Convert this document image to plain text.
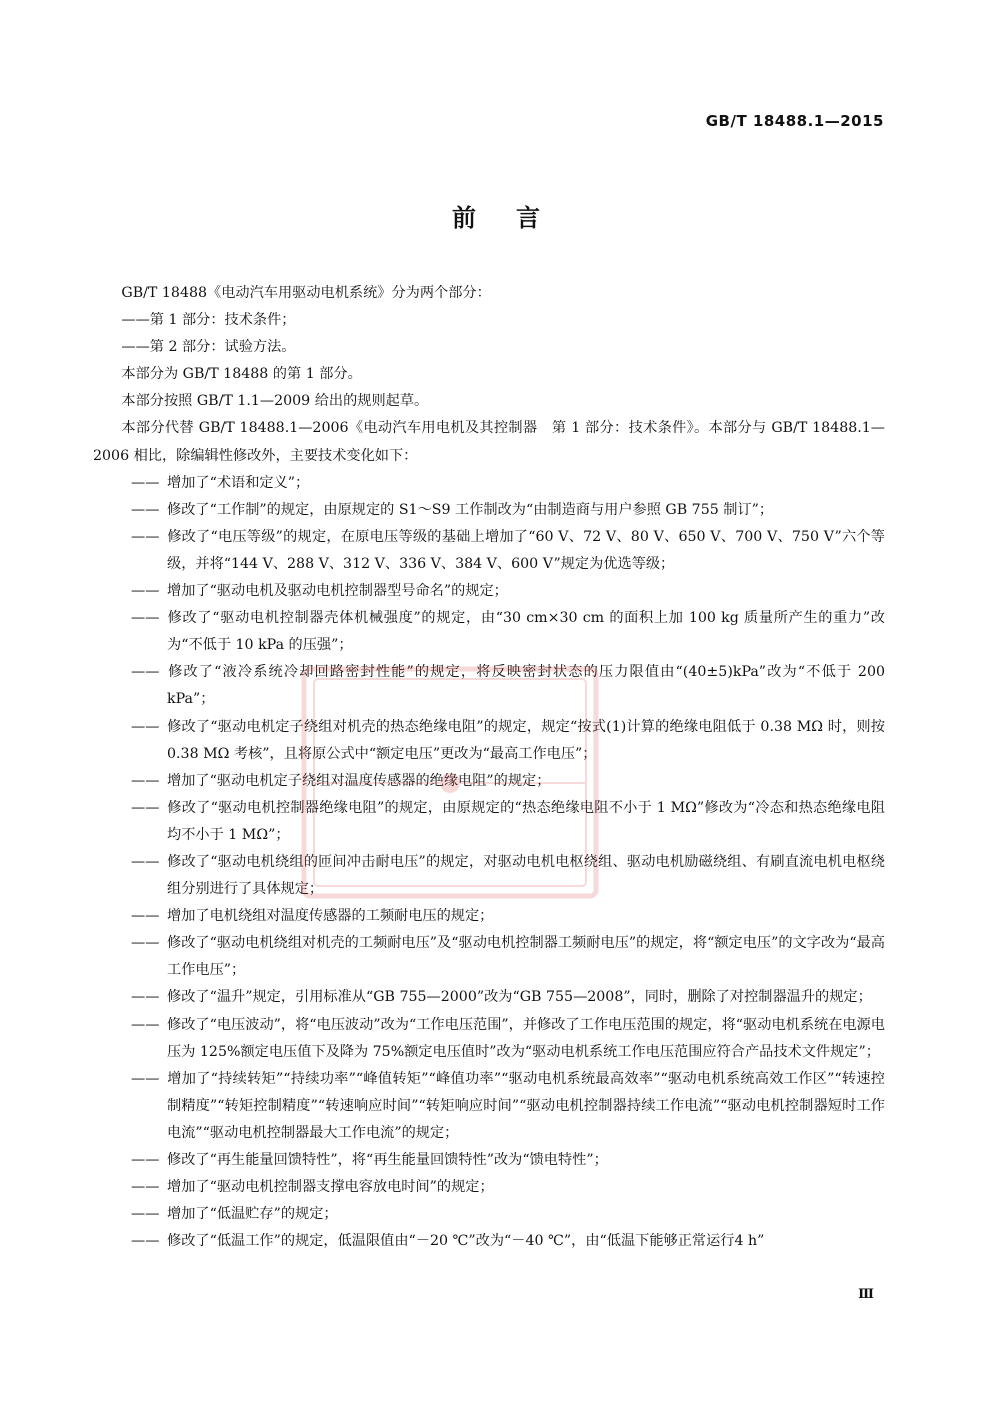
GB/T 18488.1—2015
前言

GB/T 18488《电动汽车用驱动电机系统》分为两个部分：

——第 1 部分：技术条件；

——第 2 部分：试验方法。

本部分为 GB/T 18488 的第 1 部分。

本部分按照 GB/T 1.1—2009 给出的规则起草。

本部分代替 GB/T 18488.1—2006《电动汽车用电机及其控制器　第 1 部分：技术条件》。本部分与 GB/T 18488.1—2006 相比，除编辑性修改外，主要技术变化如下：

—— 增加了“术语和定义”；

—— 修改了“工作制”的规定，由原规定的 S1～S9 工作制改为“由制造商与用户参照 GB 755 制订”；

—— 修改了“电压等级”的规定，在原电压等级的基础上增加了“60 V、72 V、80 V、650 V、700 V、750 V”六个等级，并将“144 V、288 V、312 V、336 V、384 V、600 V”规定为优选等级；

—— 增加了“驱动电机及驱动电机控制器型号命名”的规定；

—— 修改了“驱动电机控制器壳体机械强度”的规定，由“30 cm×30 cm 的面积上加 100 kg 质量所产生的重力”改为“不低于 10 kPa 的压强”；

—— 修改了“液冷系统冷却回路密封性能”的规定，将反映密封状态的压力限值由“(40±5)kPa”改为“不低于 200 kPa”；

—— 修改了“驱动电机定子绕组对机壳的热态绝缘电阻”的规定，规定“按式(1)计算的绝缘电阻低于 0.38 MΩ 时，则按 0.38 MΩ 考核”，且将原公式中“额定电压”更改为“最高工作电压”；

—— 增加了“驱动电机定子绕组对温度传感器的绝缘电阻”的规定；

—— 修改了“驱动电机控制器绝缘电阻”的规定，由原规定的“热态绝缘电阻不小于 1 MΩ”修改为“冷态和热态绝缘电阻均不小于 1 MΩ”；

—— 修改了“驱动电机绕组的匝间冲击耐电压”的规定，对驱动电机电枢绕组、驱动电机励磁绕组、有刷直流电机电枢绕组分别进行了具体规定；

—— 增加了电机绕组对温度传感器的工频耐电压的规定；

—— 修改了“驱动电机绕组对机壳的工频耐电压”及“驱动电机控制器工频耐电压”的规定，将“额定电压”的文字改为“最高工作电压”；

—— 修改了“温升”规定，引用标准从“GB 755—2000”改为“GB 755—2008”，同时，删除了对控制器温升的规定；

—— 修改了“电压波动”，将“电压波动”改为“工作电压范围”，并修改了工作电压范围的规定，将“驱动电机系统在电源电压为 125%额定电压值下及降为 75%额定电压值时”改为“驱动电机系统工作电压范围应符合产品技术文件规定”；

—— 增加了“持续转矩”“持续功率”“峰值转矩”“峰值功率”“驱动电机系统最高效率”“驱动电机系统高效工作区”“转速控制精度”“转矩控制精度”“转速响应时间”“转矩响应时间”“驱动电机控制器持续工作电流”“驱动电机控制器短时工作电流”“驱动电机控制器最大工作电流”的规定；

—— 修改了“再生能量回馈特性”，将“再生能量回馈特性”改为“馈电特性”；

—— 增加了“驱动电机控制器支撑电容放电时间”的规定；

—— 增加了“低温贮存”的规定；

—— 修改了“低温工作”的规定，低温限值由“－20 ℃”改为“－40 ℃”，由“低温下能够正常运行4 h”

Ⅲ
